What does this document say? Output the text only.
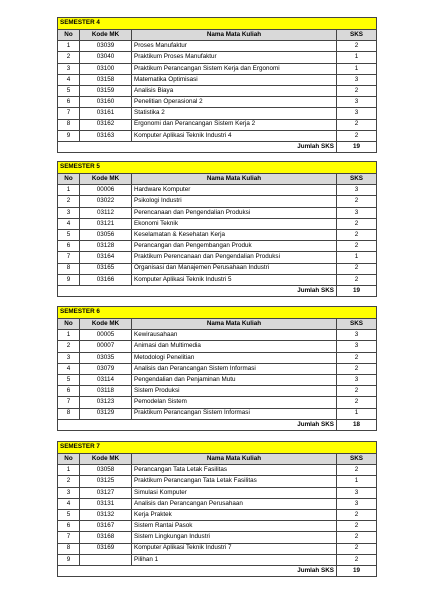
SEMESTER 4			
No	Kode MK	Nama Mata Kuliah	SKS
1	03039	Proses Manufaktur	2
2	03040	Praktikum Proses Manufaktur	1
3	03100	Praktikum Perancangan Sistem Kerja dan Ergonomi	1
4	03158	Matematika Optimisasi	3
5	03159	Analisis Biaya	2
6	03160	Penelitian Operasional 2	3
7	03161	Statistika 2	3
8	03162	Ergonomi dan Perancangan Sistem Kerja 2	2
9	03163	Komputer Aplikasi Teknik Industri 4	2
Jumlah SKS			19
SEMESTER 5			
No	Kode MK	Nama Mata Kuliah	SKS
1	00006	Hardware Komputer	3
2	03022	Psikologi Industri	2
3	03112	Perencanaan dan Pengendalian Produksi	3
4	03121	Ekonomi Teknik	2
5	03056	Keselamatan & Kesehatan Kerja	2
6	03128	Perancangan dan Pengembangan Produk	2
7	03164	Praktikum Perencanaan dan Pengendalian Produksi	1
8	03165	Organisasi dan Manajemen Perusahaan Industri	2
9	03166	Komputer Aplikasi Teknik Industri 5	2
Jumlah SKS			19
SEMESTER 6			
No	Kode MK	Nama Mata Kuliah	SKS
1	00005	Kewirausahaan	3
2	00007	Animasi dan Multimedia	3
3	03035	Metodologi Penelitian	2
4	03079	Analisis dan Perancangan Sistem Informasi	2
5	03114	Pengendalian dan Penjaminan Mutu	3
6	03118	Sistem Produksi	2
7	03123	Pemodelan Sistem	2
8	03129	Praktikum Perancangan Sistem Informasi	1
Jumlah SKS			18
SEMESTER 7			
No	Kode MK	Nama Mata Kuliah	SKS
1	03058	Perancangan Tata Letak Fasilitas	2
2	03125	Praktikum Perancangan Tata Letak Fasilitas	1
3	03127	Simulasi Komputer	3
4	03131	Analisis dan Perancangan Perusahaan	3
5	03132	Kerja Praktek	2
6	03167	Sistem Rantai Pasok	2
7	03168	Sistem Lingkungan Industri	2
8	03169	Komputer Aplikasi Teknik Industri 7	2
9		Pilihan 1	2
Jumlah SKS			19
